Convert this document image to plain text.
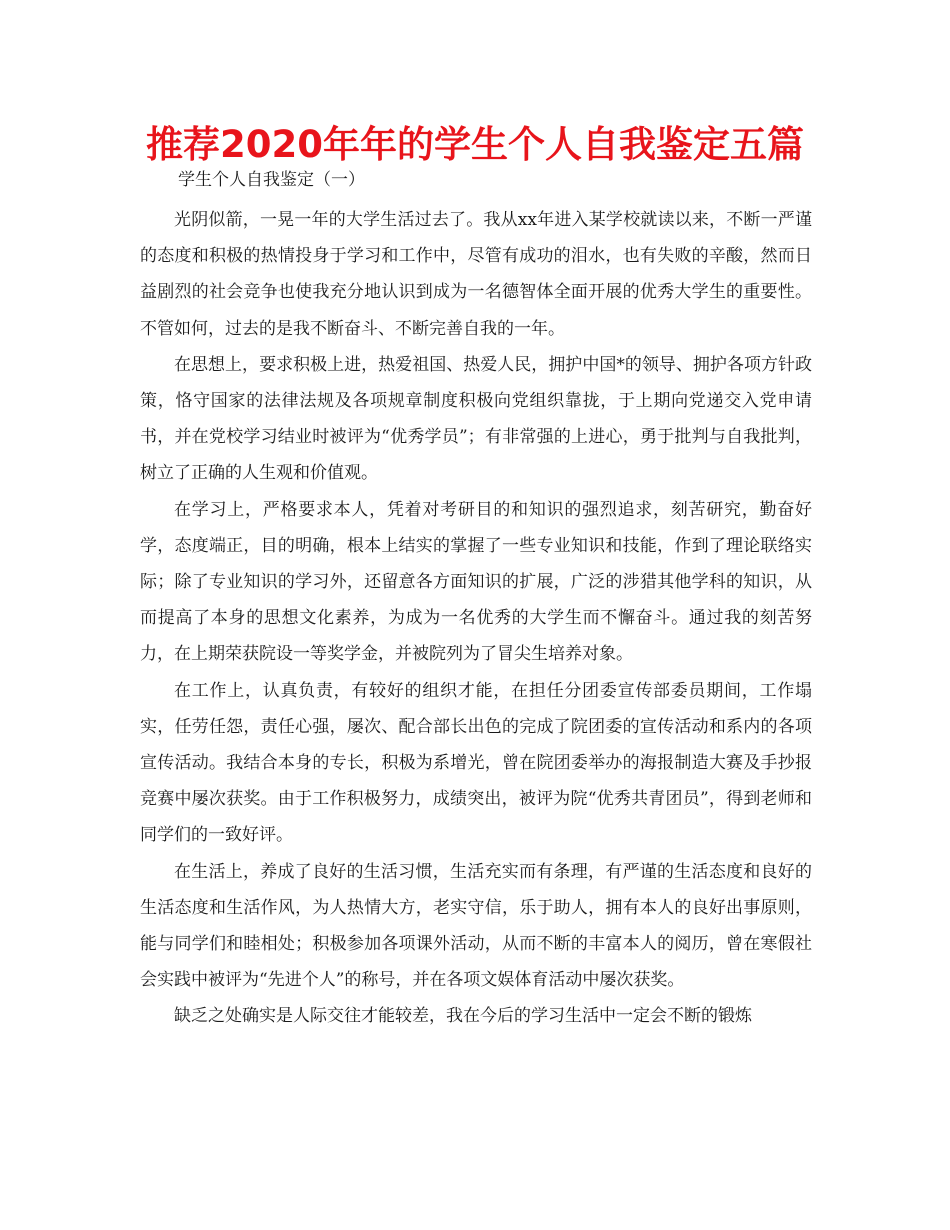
推荐2020年年的学生个人自我鉴定五篇

学生个人自我鉴定（一）

光阴似箭，一晃一年的大学生活过去了。我从xx年进入某学校就读以来，不断一严谨的态度和积极的热情投身于学习和工作中，尽管有成功的泪水，也有失败的辛酸，然而日益剧烈的社会竞争也使我充分地认识到成为一名德智体全面开展的优秀大学生的重要性。不管如何，过去的是我不断奋斗、不断完善自我的一年。

在思想上，要求积极上进，热爱祖国、热爱人民，拥护中国*的领导、拥护各项方针政策，恪守国家的法律法规及各项规章制度积极向党组织靠拢，于上期向党递交入党申请书，并在党校学习结业时被评为“优秀学员”；有非常强的上进心，勇于批判与自我批判，树立了正确的人生观和价值观。

在学习上，严格要求本人，凭着对考研目的和知识的强烈追求，刻苦研究，勤奋好学，态度端正，目的明确，根本上结实的掌握了一些专业知识和技能，作到了理论联络实际；除了专业知识的学习外，还留意各方面知识的扩展，广泛的涉猎其他学科的知识，从而提高了本身的思想文化素养，为成为一名优秀的大学生而不懈奋斗。通过我的刻苦努力，在上期荣获院设一等奖学金，并被院列为了冒尖生培养对象。

在工作上，认真负责，有较好的组织才能，在担任分团委宣传部委员期间，工作塌实，任劳任怨，责任心强，屡次、配合部长出色的完成了院团委的宣传活动和系内的各项宣传活动。我结合本身的专长，积极为系增光，曾在院团委举办的海报制造大赛及手抄报竞赛中屡次获奖。由于工作积极努力，成绩突出，被评为院“优秀共青团员”，得到老师和同学们的一致好评。

在生活上，养成了良好的生活习惯，生活充实而有条理，有严谨的生活态度和良好的生活态度和生活作风，为人热情大方，老实守信，乐于助人，拥有本人的良好出事原则，能与同学们和睦相处；积极参加各项课外活动，从而不断的丰富本人的阅历，曾在寒假社会实践中被评为“先进个人”的称号，并在各项文娱体育活动中屡次获奖。

缺乏之处确实是人际交往才能较差，我在今后的学习生活中一定会不断的锻炼
